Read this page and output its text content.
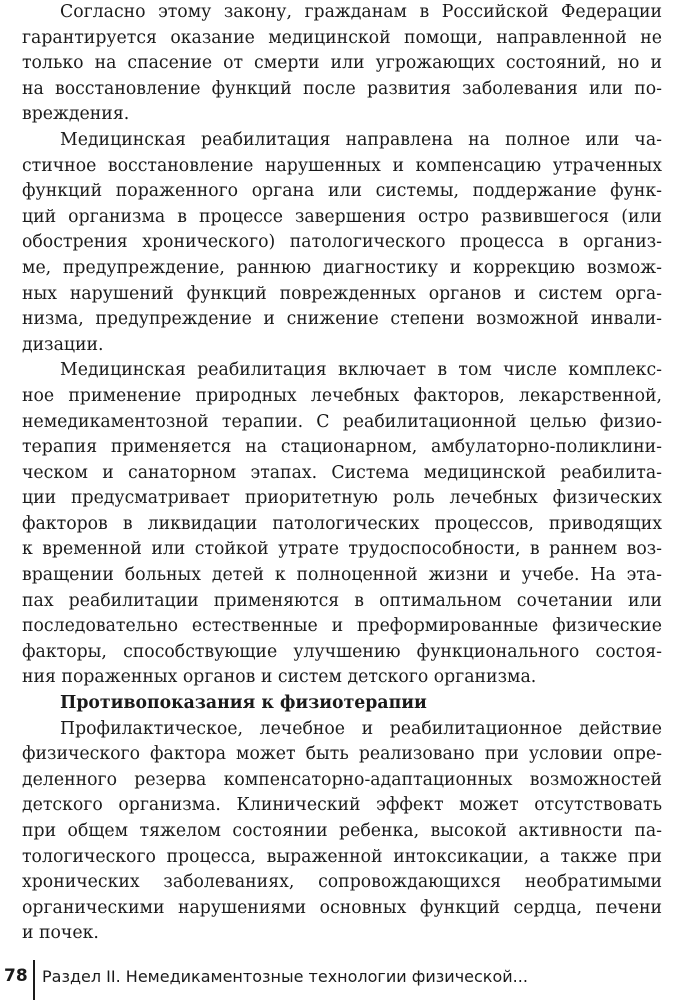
Согласно этому закону, гражданам в Российской Федерации
гарантируется оказание медицинской помощи, направленной не
только на спасение от смерти или угрожающих состояний, но и
на восстановление функций после развития заболевания или по-
вреждения.
Медицинская реабилитация направлена на полное или ча-
стичное восстановление нарушенных и компенсацию утраченных
функций пораженного органа или системы, поддержание функ-
ций организма в процессе завершения остро развившегося (или
обострения хронического) патологического процесса в организ-
ме, предупреждение, раннюю диагностику и коррекцию возмож-
ных нарушений функций поврежденных органов и систем орга-
низма, предупреждение и снижение степени возможной инвали-
дизации.
Медицинская реабилитация включает в том числе комплекс-
ное применение природных лечебных факторов, лекарственной,
немедикаментозной терапии. С реабилитационной целью физио-
терапия применяется на стационарном, амбулаторно-поликлини-
ческом и санаторном этапах. Система медицинской реабилита-
ции предусматривает приоритетную роль лечебных физических
факторов в ликвидации патологических процессов, приводящих
к временной или стойкой утрате трудоспособности, в раннем воз-
вращении больных детей к полноценной жизни и учебе. На эта-
пах реабилитации применяются в оптимальном сочетании или
последовательно естественные и преформированные физические
факторы, способствующие улучшению функционального состоя-
ния пораженных органов и систем детского организма.
Противопоказания к физиотерапии
Профилактическое, лечебное и реабилитационное действие
физического фактора может быть реализовано при условии опре-
деленного резерва компенсаторно-адаптационных возможностей
детского организма. Клинический эффект может отсутствовать
при общем тяжелом состоянии ребенка, высокой активности па-
тологического процесса, выраженной интоксикации, а также при
хронических заболеваниях, сопровождающихся необратимыми
органическими нарушениями основных функций сердца, печени
и почек.
78 Раздел II. Немедикаментозные технологии физической...
